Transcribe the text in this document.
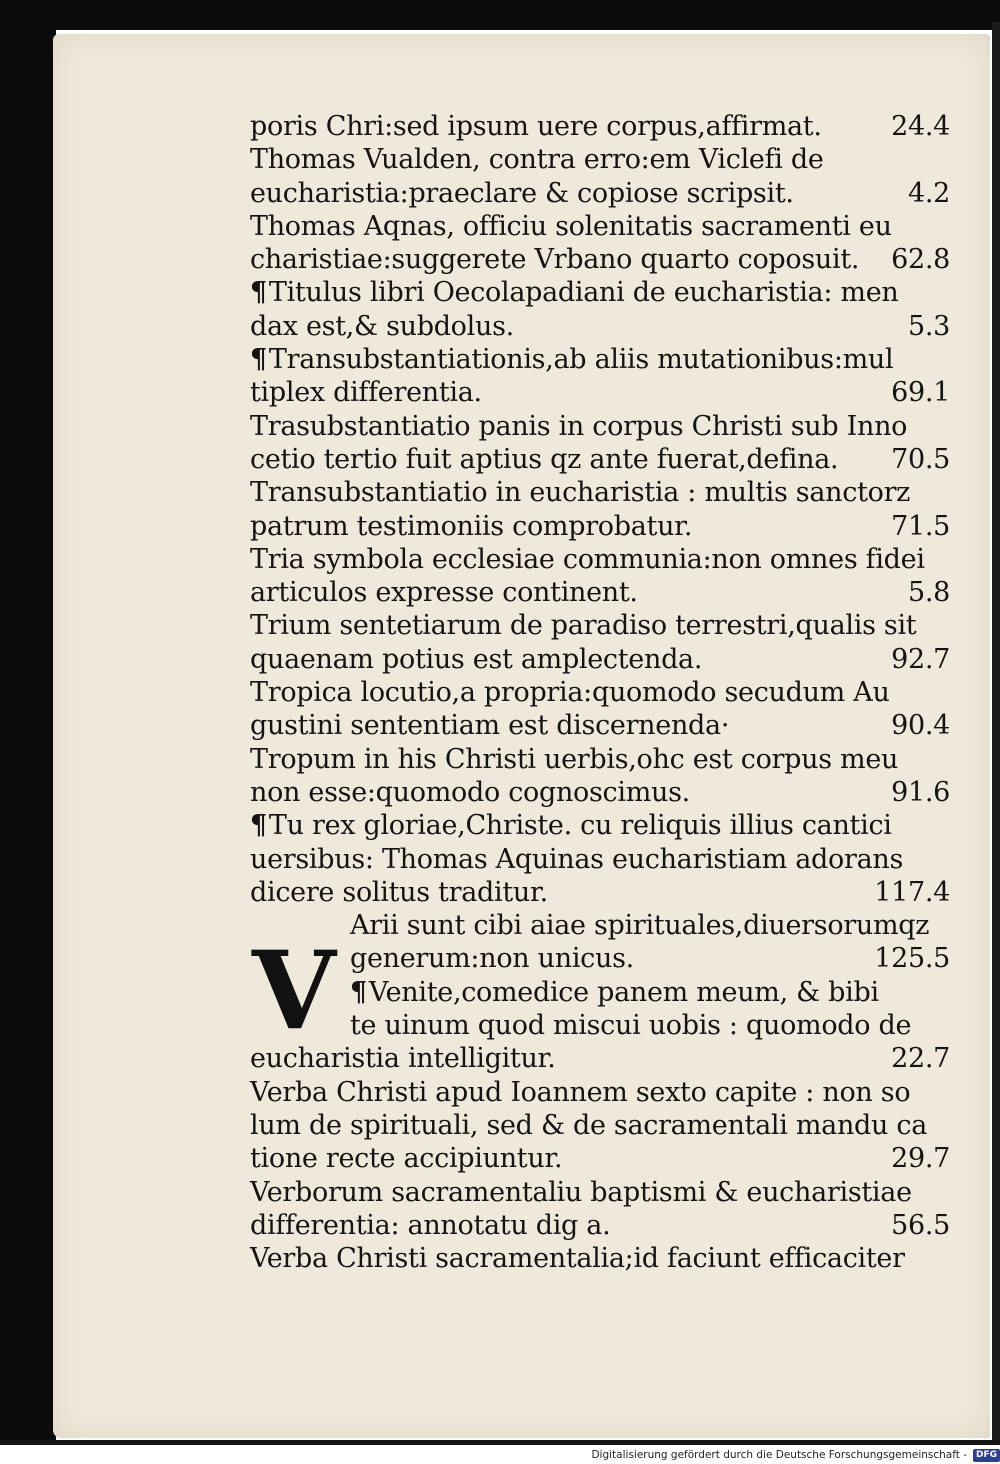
poris Chri:sed ipsum uere corpus,affirmat.	24.4
Thomas Vualden, contra erro:em Viclefi de
eucharistia:praeclare & copiose scripsit.	4.2
Thomas Aqnas, officiu solenitatis sacramenti eu
charistiae:suggerete Vrbano quarto coposuit.	62.8
¶Titulus libri Oecolapadiani de eucharistia: men
dax est,& subdolus.	5.3
¶Transubstantiationis,ab aliis mutationibus:mul
tiplex differentia.	69.1
Trasubstantiatio panis in corpus Christi sub Inno
cetio tertio fuit aptius qz ante fuerat,defina.	70.5
Transubstantiatio in eucharistia : multis sanctorz
patrum testimoniis comprobatur.	71.5
Tria symbola ecclesiae communia:non omnes fidei
articulos expresse continent.	5.8
Trium sentetiarum de paradiso terrestri,qualis sit
quaenam potius est amplectenda.	92.7
Tropica locutio,a propria:quomodo secudum Au
gustini sententiam est discernenda·	90.4
Tropum in his Christi uerbis,ohc est corpus meu
non esse:quomodo cognoscimus.	91.6
¶Tu rex gloriae,Christe. cu reliquis illius cantici
uersibus: Thomas Aquinas eucharistiam adorans
dicere solitus traditur.	117.4
V
Arii sunt cibi aiae spirituales,diuersorumqz
generum:non unicus.	125.5
¶Venite,comedice panem meum, & bibi
te uinum quod miscui uobis : quomodo de
eucharistia intelligitur.	22.7
Verba Christi apud Ioannem sexto capite : non so
lum de spirituali, sed & de sacramentali mandu ca
tione recte accipiuntur.	29.7
Verborum sacramentaliu baptismi & eucharistiae
differentia: annotatu dig a.	56.5
Verba Christi sacramentalia;id faciunt efficaciter
Digitalisierung gefördert durch die Deutsche Forschungsgemeinschaft -	DFG
